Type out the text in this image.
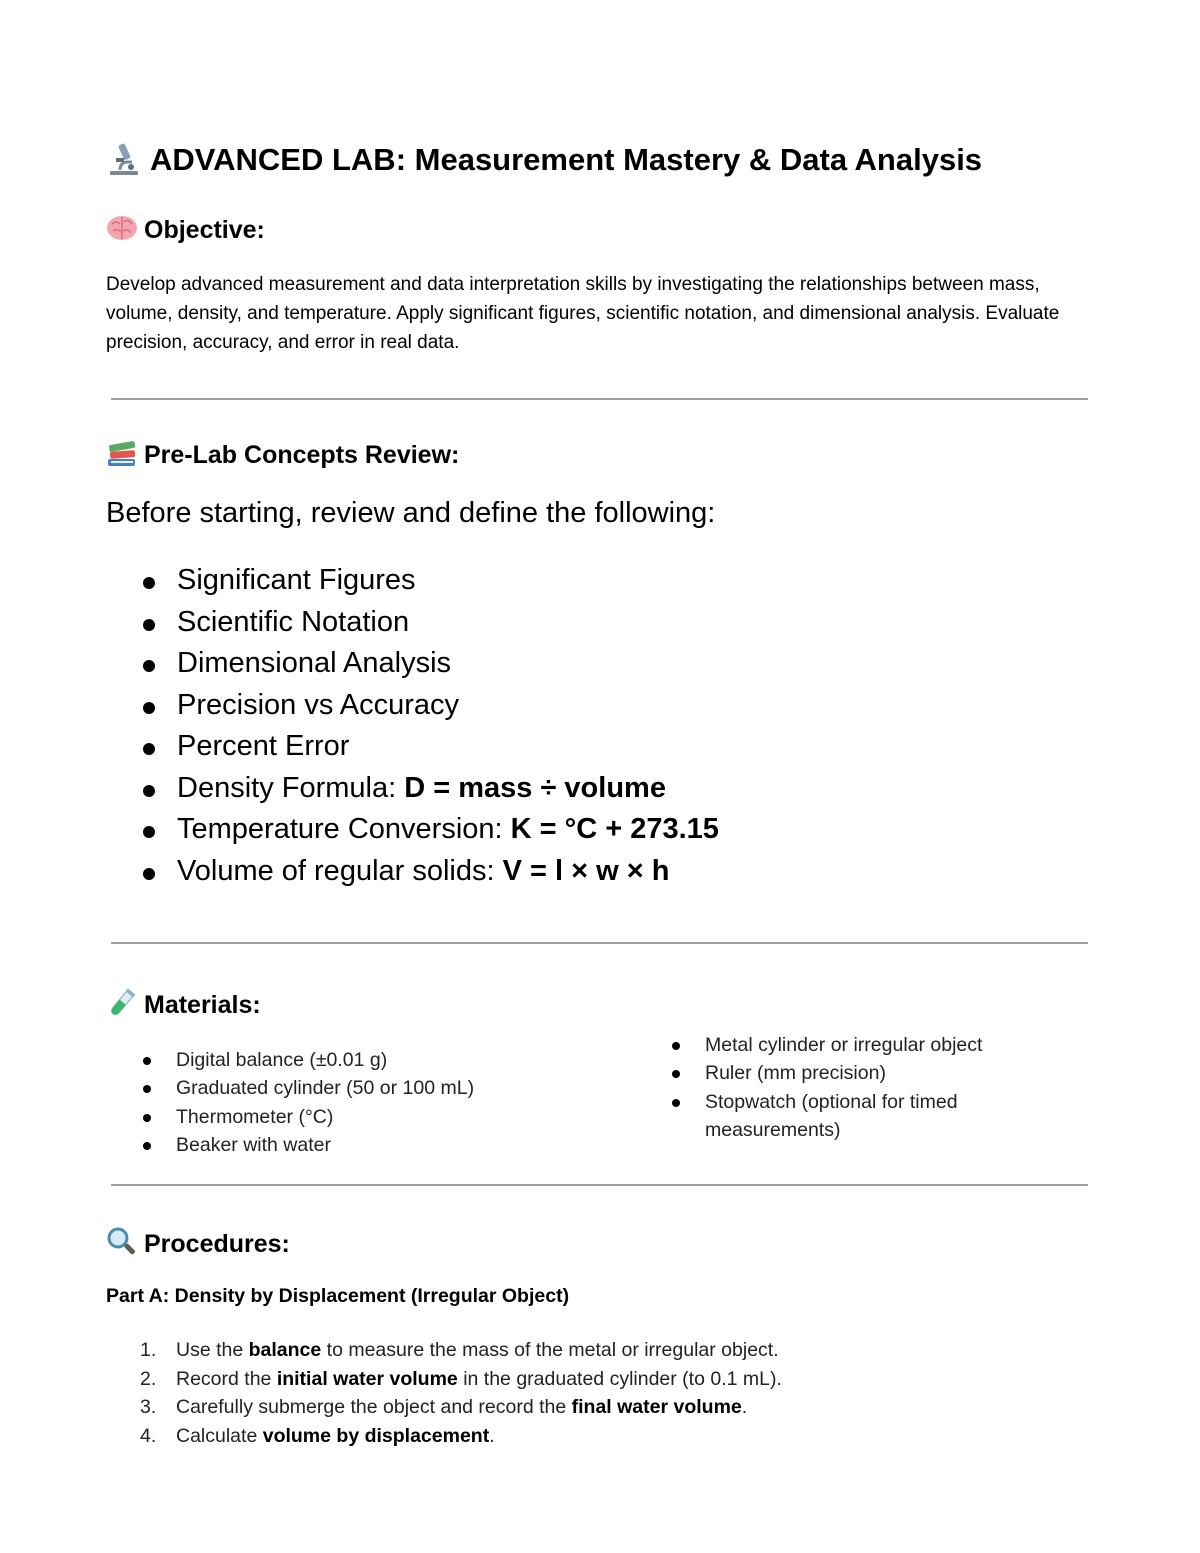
ADVANCED LAB: Measurement Mastery & Data Analysis
Objective:
Develop advanced measurement and data interpretation skills by investigating the relationships between mass, volume, density, and temperature. Apply significant figures, scientific notation, and dimensional analysis. Evaluate precision, accuracy, and error in real data.
Pre-Lab Concepts Review:
Before starting, review and define the following:
Significant Figures
Scientific Notation
Dimensional Analysis
Precision vs Accuracy
Percent Error
Density Formula: D = mass ÷ volume
Temperature Conversion: K = °C + 273.15
Volume of regular solids: V = l × w × h
Materials:
Digital balance (±0.01 g)
Graduated cylinder (50 or 100 mL)
Thermometer (°C)
Beaker with water
Metal cylinder or irregular object
Ruler (mm precision)
Stopwatch (optional for timed measurements)
Procedures:
Part A: Density by Displacement (Irregular Object)
1. Use the balance to measure the mass of the metal or irregular object.
2. Record the initial water volume in the graduated cylinder (to 0.1 mL).
3. Carefully submerge the object and record the final water volume.
4. Calculate volume by displacement.
